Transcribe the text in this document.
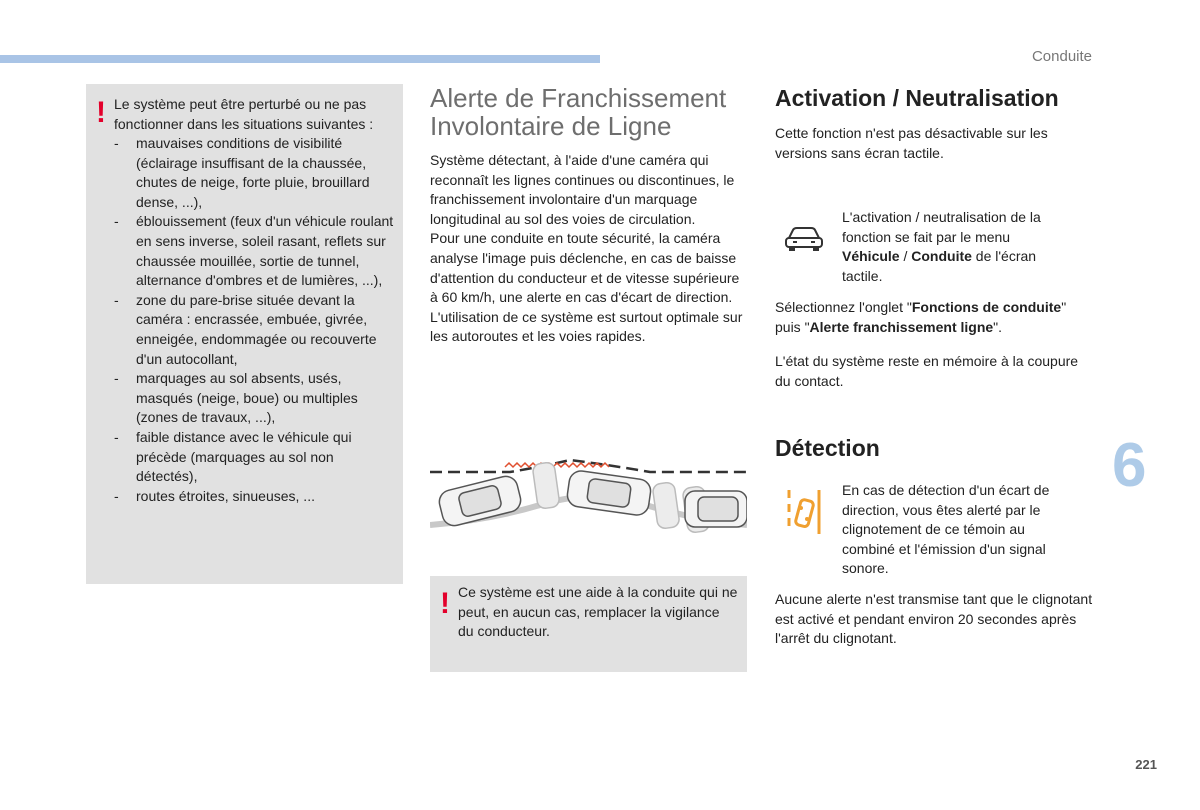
Conduite
6
221
! Le système peut être perturbé ou ne pas fonctionner dans les situations suivantes :
- mauvaises conditions de visibilité (éclairage insuffisant de la chaussée, chutes de neige, forte pluie, brouillard dense, ...),
- éblouissement (feux d'un véhicule roulant en sens inverse, soleil rasant, reflets sur chaussée mouillée, sortie de tunnel, alternance d'ombres et de lumières, ...),
- zone du pare-brise située devant la caméra : encrassée, embuée, givrée, enneigée, endommagée ou recouverte d'un autocollant,
- marquages au sol absents, usés, masqués (neige, boue) ou multiples (zones de travaux, ...),
- faible distance avec le véhicule qui précède (marquages au sol non détectés),
- routes étroites, sinueuses, ...
Alerte de Franchissement
Involontaire de Ligne
Système détectant, à l'aide d'une caméra qui reconnaît les lignes continues ou discontinues, le franchissement involontaire d'un marquage longitudinal au sol des voies de circulation.
Pour une conduite en toute sécurité, la caméra analyse l'image puis déclenche, en cas de baisse d'attention du conducteur et de vitesse supérieure à 60 km/h, une alerte en cas d'écart de direction.
L'utilisation de ce système est surtout optimale sur les autoroutes et les voies rapides.
! Ce système est une aide à la conduite qui ne peut, en aucun cas, remplacer la vigilance du conducteur.
Activation / Neutralisation

Cette fonction n'est pas désactivable sur les versions sans écran tactile.

L'activation / neutralisation de la fonction se fait par le menu Véhicule / Conduite de l'écran tactile.

Sélectionnez l'onglet "Fonctions de conduite" puis "Alerte franchissement ligne".

L'état du système reste en mémoire à la coupure du contact.

Détection

En cas de détection d'un écart de direction, vous êtes alerté par le clignotement de ce témoin au combiné et l'émission d'un signal sonore.

Aucune alerte n'est transmise tant que le clignotant est activé et pendant environ 20 secondes après l'arrêt du clignotant.
